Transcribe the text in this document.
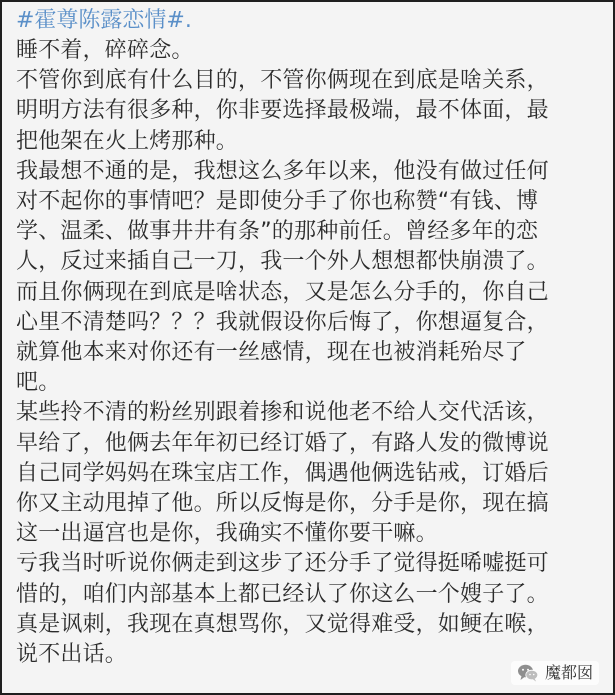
#霍尊陈露恋情#.
睡不着，碎碎念。
不管你到底有什么目的，不管你俩现在到底是啥关系，
明明方法有很多种，你非要选择最极端，最不体面，最
把他架在火上烤那种。
我最想不通的是，我想这么多年以来，他没有做过任何
对不起你的事情吧？是即使分手了你也称赞“有钱、博
学、温柔、做事井井有条”的那种前任。曾经多年的恋
人，反过来插自己一刀，我一个外人想想都快崩溃了。
而且你俩现在到底是啥状态，又是怎么分手的，你自己
心里不清楚吗？？？我就假设你后悔了，你想逼复合，
就算他本来对你还有一丝感情，现在也被消耗殆尽了
吧。
某些拎不清的粉丝别跟着掺和说他老不给人交代活该，
早给了，他俩去年年初已经订婚了，有路人发的微博说
自己同学妈妈在珠宝店工作，偶遇他俩选钻戒，订婚后
你又主动甩掉了他。所以反悔是你，分手是你，现在搞
这一出逼宫也是你，我确实不懂你要干嘛。
亏我当时听说你俩走到这步了还分手了觉得挺唏嘘挺可
惜的，咱们内部基本上都已经认了你这么一个嫂子了。
真是讽刺，我现在真想骂你，又觉得难受，如鲠在喉，
说不出话。
魔都囡
